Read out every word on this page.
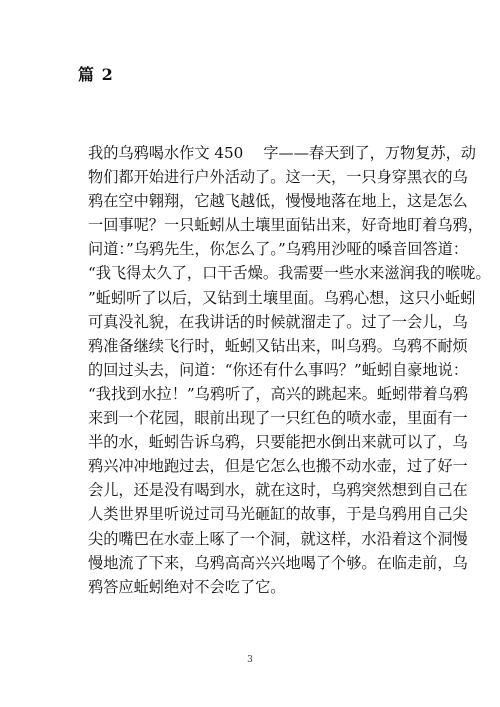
篇 2
我的乌鸦喝水作文 450　 字——春天到了，万物复苏，动
物们都开始进行户外活动了。这一天，一只身穿黑衣的乌
鸦在空中翱翔，它越飞越低，慢慢地落在地上，这是怎么
一回事呢？一只蚯蚓从土壤里面钻出来，好奇地盯着乌鸦，
问道：”乌鸦先生，你怎么了。”乌鸦用沙哑的嗓音回答道：
“我飞得太久了，口干舌燥。我需要一些水来滋润我的喉咙。
”蚯蚓听了以后，又钻到土壤里面。乌鸦心想，这只小蚯蚓
可真没礼貌，在我讲话的时候就溜走了。过了一会儿，乌
鸦准备继续飞行时，蚯蚓又钻出来，叫乌鸦。乌鸦不耐烦
的回过头去，问道：“你还有什么事吗？”蚯蚓自豪地说：
“我找到水拉！”乌鸦听了，高兴的跳起来。蚯蚓带着乌鸦
来到一个花园，眼前出现了一只红色的喷水壶，里面有一
半的水，蚯蚓告诉乌鸦，只要能把水倒出来就可以了，乌
鸦兴冲冲地跑过去，但是它怎么也搬不动水壶，过了好一
会儿，还是没有喝到水，就在这时，乌鸦突然想到自己在
人类世界里听说过司马光砸缸的故事，于是乌鸦用自己尖
尖的嘴巴在水壶上啄了一个洞，就这样，水沿着这个洞慢
慢地流了下来，乌鸦高高兴兴地喝了个够。在临走前，乌
鸦答应蚯蚓绝对不会吃了它。
3
